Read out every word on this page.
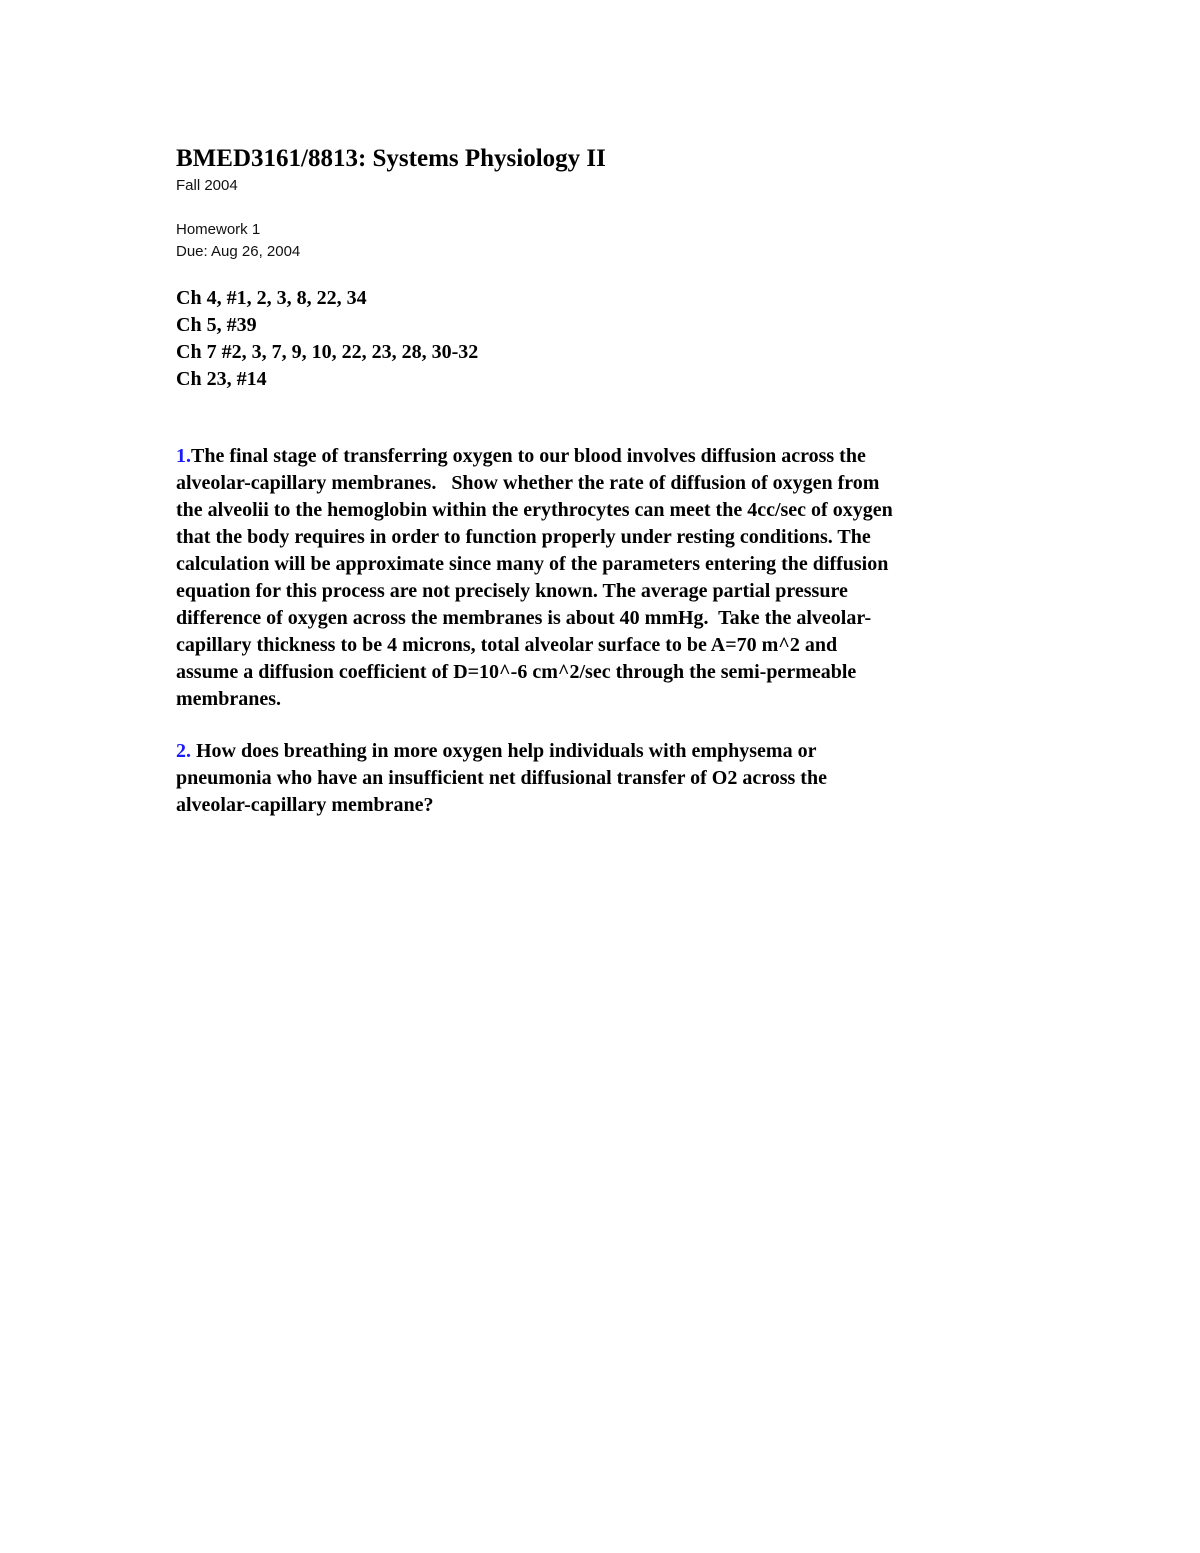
BMED3161/8813: Systems Physiology II
Fall 2004
Homework 1
Due: Aug 26, 2004
Ch 4, #1, 2, 3, 8, 22, 34
Ch 5, #39
Ch 7 #2, 3, 7, 9, 10, 22, 23, 28, 30-32
Ch 23, #14
1.The final stage of transferring oxygen to our blood involves diffusion across the
alveolar-capillary membranes.   Show whether the rate of diffusion of oxygen from
the alveolii to the hemoglobin within the erythrocytes can meet the 4cc/sec of oxygen
that the body requires in order to function properly under resting conditions. The
calculation will be approximate since many of the parameters entering the diffusion
equation for this process are not precisely known. The average partial pressure
difference of oxygen across the membranes is about 40 mmHg.  Take the alveolar-
capillary thickness to be 4 microns, total alveolar surface to be A=70 m^2 and
assume a diffusion coefficient of D=10^-6 cm^2/sec through the semi-permeable
membranes.
2. How does breathing in more oxygen help individuals with emphysema or
pneumonia who have an insufficient net diffusional transfer of O2 across the
alveolar-capillary membrane?
